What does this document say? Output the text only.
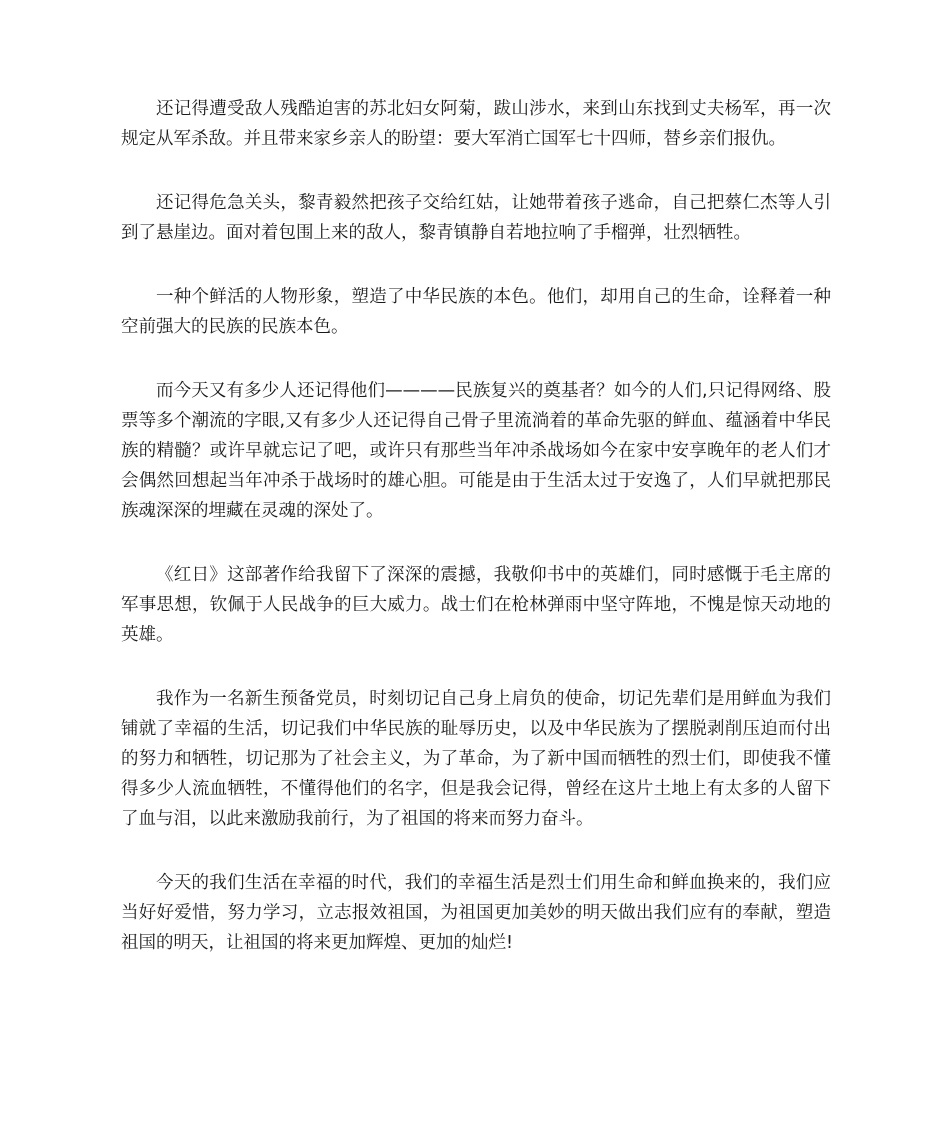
还记得遭受敌人残酷迫害的苏北妇女阿菊，跋山涉水，来到山东找到丈夫杨军，再一次规定从军杀敌。并且带来家乡亲人的盼望：要大军消亡国军七十四师，替乡亲们报仇。

还记得危急关头，黎青毅然把孩子交给红姑，让她带着孩子逃命，自己把蔡仁杰等人引到了悬崖边。面对着包围上来的敌人，黎青镇静自若地拉响了手榴弹，壮烈牺牲。

一种个鲜活的人物形象，塑造了中华民族的本色。他们，却用自己的生命，诠释着一种空前强大的民族的民族本色。

而今天又有多少人还记得他们————民族复兴的奠基者？如今的人们,只记得网络、股票等多个潮流的字眼,又有多少人还记得自己骨子里流淌着的革命先驱的鲜血、蕴涵着中华民族的精髓？或许早就忘记了吧，或许只有那些当年冲杀战场如今在家中安享晚年的老人们才会偶然回想起当年冲杀于战场时的雄心胆。可能是由于生活太过于安逸了，人们早就把那民族魂深深的埋藏在灵魂的深处了。

《红日》这部著作给我留下了深深的震撼，我敬仰书中的英雄们，同时感慨于毛主席的军事思想，钦佩于人民战争的巨大威力。战士们在枪林弹雨中坚守阵地，不愧是惊天动地的英雄。

我作为一名新生预备党员，时刻切记自己身上肩负的使命，切记先辈们是用鲜血为我们铺就了幸福的生活，切记我们中华民族的耻辱历史，以及中华民族为了摆脱剥削压迫而付出的努力和牺牲，切记那为了社会主义，为了革命，为了新中国而牺牲的烈士们，即使我不懂得多少人流血牺牲，不懂得他们的名字，但是我会记得，曾经在这片土地上有太多的人留下了血与泪，以此来激励我前行，为了祖国的将来而努力奋斗。

今天的我们生活在幸福的时代，我们的幸福生活是烈士们用生命和鲜血换来的，我们应当好好爱惜，努力学习，立志报效祖国，为祖国更加美妙的明天做出我们应有的奉献，塑造祖国的明天，让祖国的将来更加辉煌、更加的灿烂!
